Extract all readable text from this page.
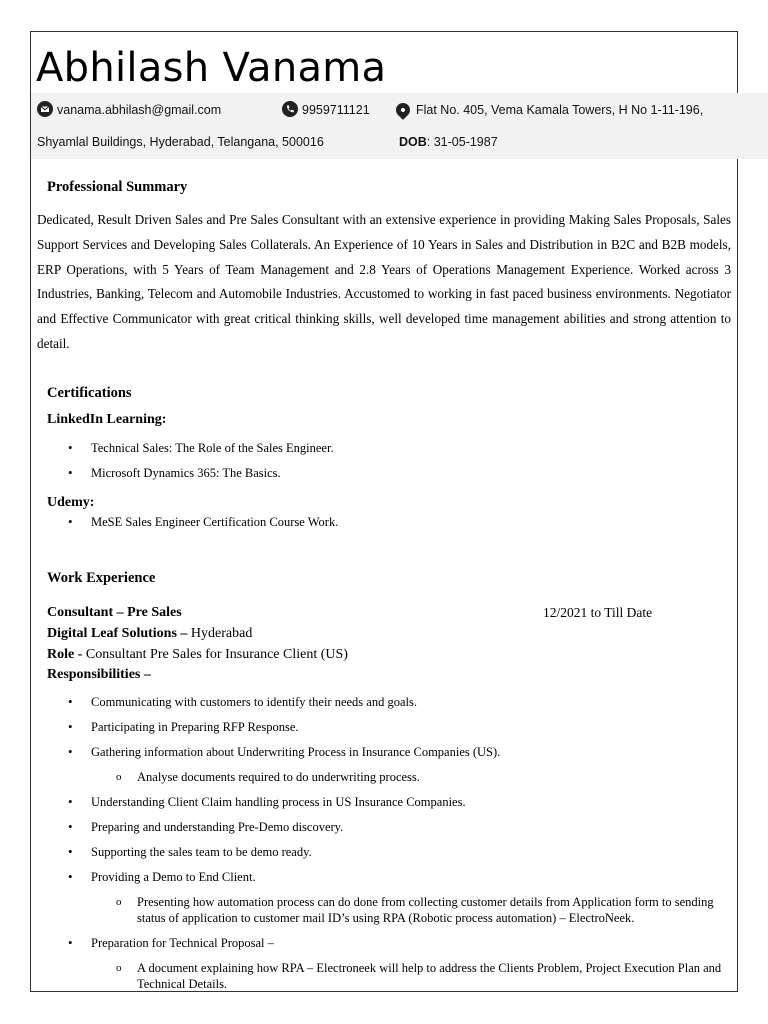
Abhilash Vanama
vanama.abhilash@gmail.com	9959711121	Flat No. 405, Vema Kamala Towers, H No 1-11-196,
Shyamlal Buildings, Hyderabad, Telangana, 500016	DOB: 31-05-1987
Professional Summary

Dedicated, Result Driven Sales and Pre Sales Consultant with an extensive experience in providing Making Sales Proposals, Sales Support Services and Developing Sales Collaterals. An Experience of 10 Years in Sales and Distribution in B2C and B2B models, ERP Operations, with 5 Years of Team Management and 2.8 Years of Operations Management Experience. Worked across 3 Industries, Banking, Telecom and Automobile Industries. Accustomed to working in fast paced business environments. Negotiator and Effective Communicator with great critical thinking skills, well developed time management abilities and strong attention to detail.

Certifications
LinkedIn Learning:
• Technical Sales: The Role of the Sales Engineer.
• Microsoft Dynamics 365: The Basics.
Udemy:
• MeSE Sales Engineer Certification Course Work.
Work Experience
Consultant – Pre Sales	12/2021 to Till Date
Digital Leaf Solutions – Hyderabad
Role - Consultant Pre Sales for Insurance Client (US)
Responsibilities –
• Communicating with customers to identify their needs and goals.
• Participating in Preparing RFP Response.
• Gathering information about Underwriting Process in Insurance Companies (US).
o Analyse documents required to do underwriting process.
• Understanding Client Claim handling process in US Insurance Companies.
• Preparing and understanding Pre-Demo discovery.
• Supporting the sales team to be demo ready.
• Providing a Demo to End Client.
o Presenting how automation process can do done from collecting customer details from Application form to sending status of application to customer mail ID’s using RPA (Robotic process automation) – ElectroNeek.
• Preparation for Technical Proposal –
o A document explaining how RPA – Electroneek will help to address the Clients Problem, Project Execution Plan and Technical Details.
